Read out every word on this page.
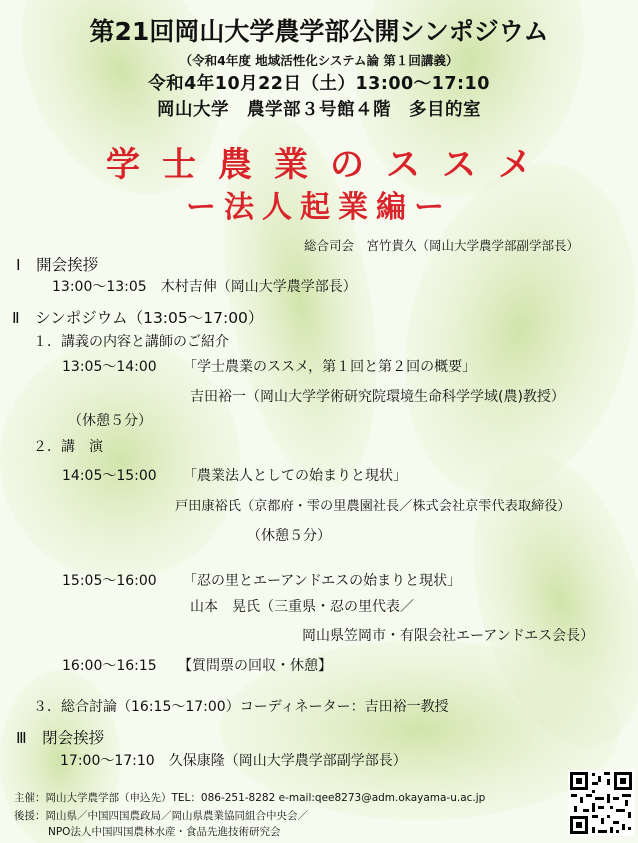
第21回岡山大学農学部公開シンポジウム
（令和4年度 地域活性化システム論 第１回講義）
令和4年10月22日（土）13:00～17:10
岡山大学　農学部３号館４階　多目的室
学士農業のススメ
ー法人起業編ー
総合司会　宮竹貴久（岡山大学農学部副学部長）
Ⅰ　開会挨拶
13:00～13:05　木村吉伸（岡山大学農学部長）
Ⅱ　シンポジウム（13:05～17:00）
１．講義の内容と講師のご紹介
13:05～14:00 「学士農業のススメ，第１回と第２回の概要」
吉田裕一（岡山大学学術研究院環境生命科学学域(農)教授）
（休憩５分）
２．講　演
14:05～15:00 「農業法人としての始まりと現状」
戸田康裕氏（京都府・雫の里農園社長／株式会社京雫代表取締役）
（休憩５分）
15:05～16:00 「忍の里とエーアンドエスの始まりと現状」
山本　晃氏（三重県・忍の里代表／
岡山県笠岡市・有限会社エーアンドエス会長）
16:00～16:15 【質問票の回収・休憩】
３．総合討論（16:15～17:00）コーディネーター：吉田裕一教授
Ⅲ　閉会挨拶
17:00～17:10　久保康隆（岡山大学農学部副学部長）
主催：岡山大学農学部（申込先）TEL：086-251-8282 e-mail:qee8273@adm.okayama-u.ac.jp
後援：岡山県／中国四国農政局／岡山県農業協同組合中央会／
NPO法人中国四国農林水産・食品先進技術研究会
